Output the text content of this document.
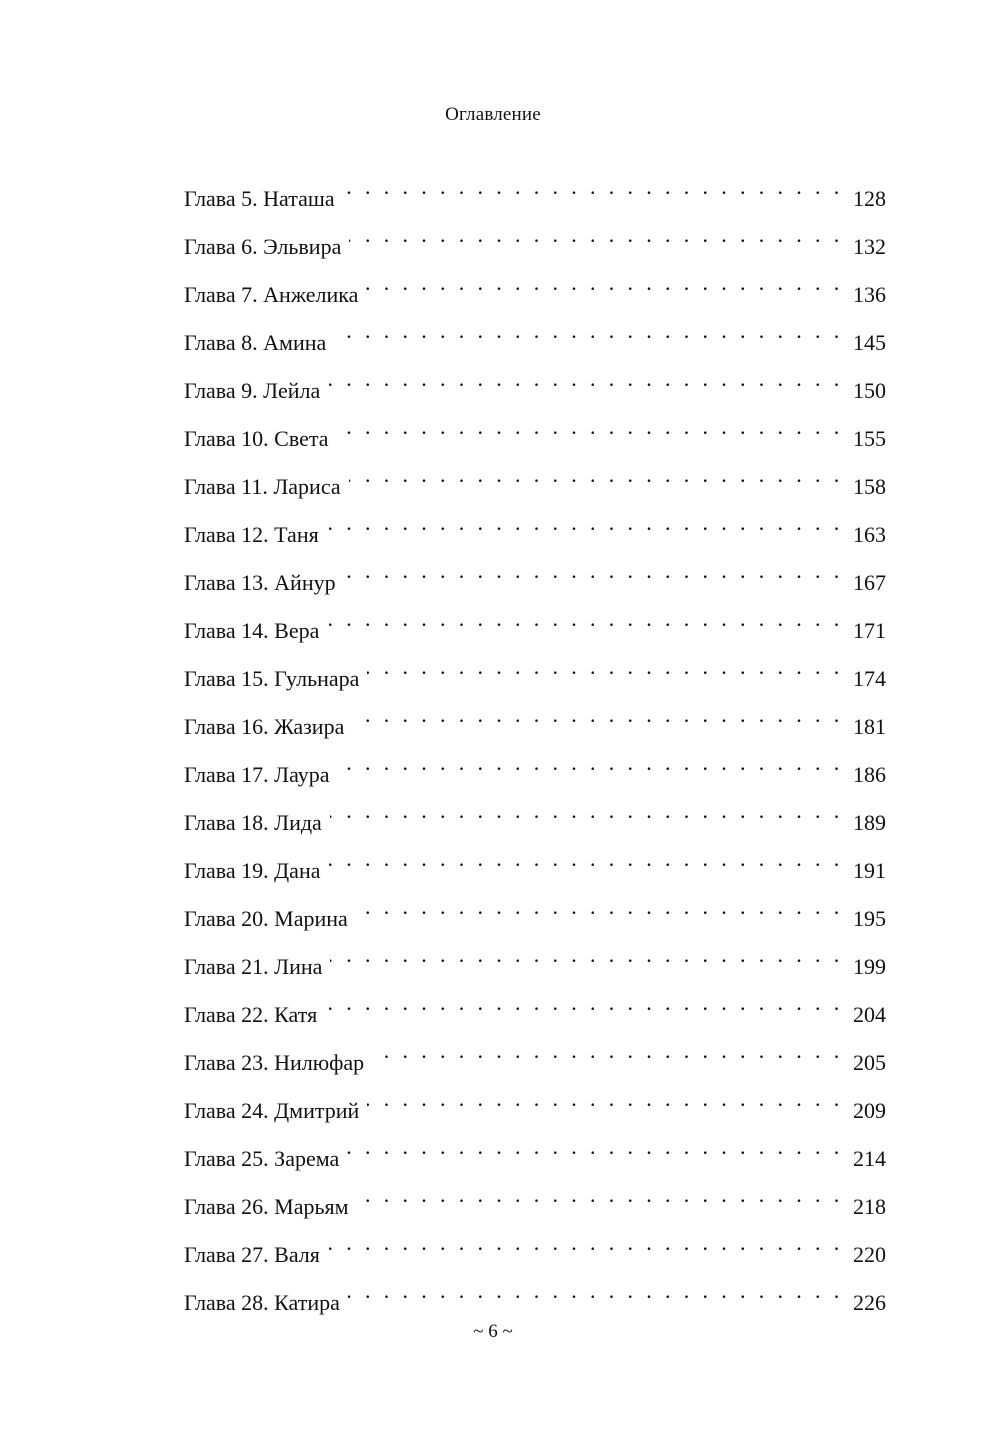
Оглавление
Глава 5. Наташа . .	128
Глава 6. Эльвира . .	132
Глава 7. Анжелика . .	136
Глава 8. Амина . .	145
Глава 9. Лейла . .	150
Глава 10. Света . .	155
Глава 11. Лариса . .	158
Глава 12. Таня . .	163
Глава 13. Айнур . .	167
Глава 14. Вера . .	171
Глава 15. Гульнара . .	174
Глава 16. Жазира . .	181
Глава 17. Лаура . .	186
Глава 18. Лида . .	189
Глава 19. Дана . .	191
Глава 20. Марина . .	195
Глава 21. Лина . .	199
Глава 22. Катя . .	204
Глава 23. Нилюфар . .	205
Глава 24. Дмитрий . .	209
Глава 25. Зарема . .	214
Глава 26. Марьям . .	218
Глава 27. Валя . .	220
Глава 28. Катира . .	226
~ 6 ~
